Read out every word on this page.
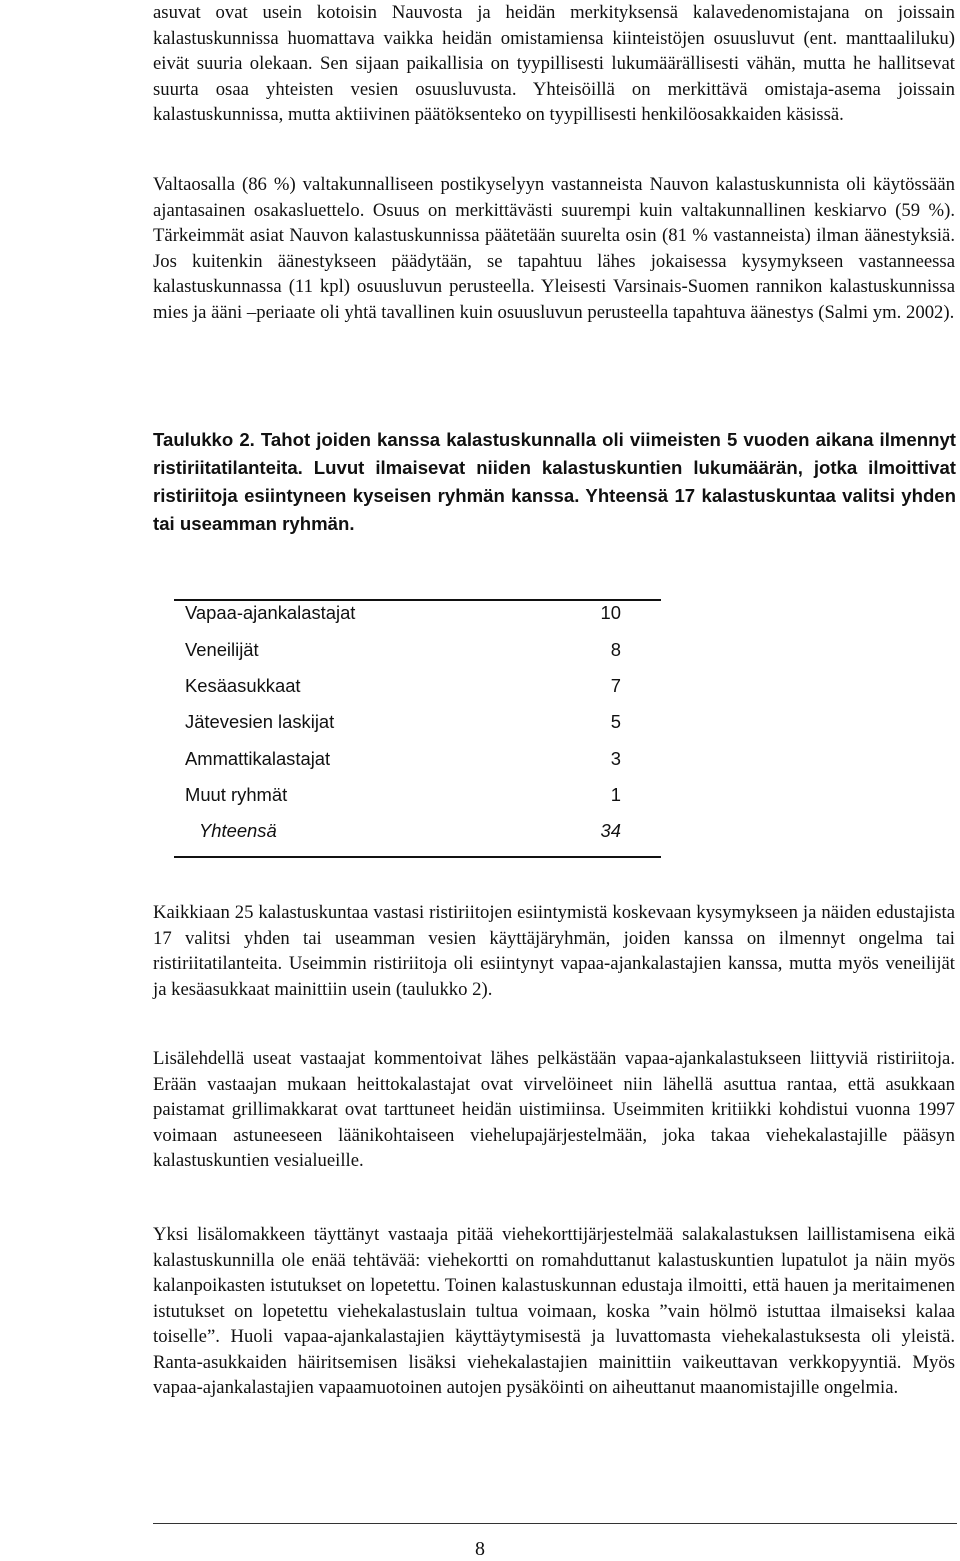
asuvat ovat usein kotoisin Nauvosta ja heidän merkityksensä kalavedenomistajana on joissain kalastuskunnissa huomattava vaikka heidän omistamiensa kiinteistöjen osuusluvut (ent. manttaaliluku) eivät suuria olekaan. Sen sijaan paikallisia on tyypillisesti lukumäärällisesti vähän, mutta he hallitsevat suurta osaa yhteisten vesien osuusluvusta. Yhteisöillä on merkittävä omistaja-asema joissain kalastuskunnissa, mutta aktiivinen päätöksenteko on tyypillisesti henkilöosakkaiden käsissä.

Valtaosalla (86 %) valtakunnalliseen postikyselyyn vastanneista Nauvon kalastuskunnista oli käytössään ajantasainen osakasluettelo. Osuus on merkittävästi suurempi kuin valtakunnallinen keskiarvo (59 %). Tärkeimmät asiat Nauvon kalastuskunnissa päätetään suurelta osin (81 % vastanneista) ilman äänestyksiä. Jos kuitenkin äänestykseen päädytään, se tapahtuu lähes jokaisessa kysymykseen vastanneessa kalastuskunnassa (11 kpl) osuusluvun perusteella. Yleisesti Varsinais-Suomen rannikon kalastuskunnissa mies ja ääni –periaate oli yhtä tavallinen kuin osuusluvun perusteella tapahtuva äänestys (Salmi ym. 2002).

Taulukko 2. Tahot joiden kanssa kalastuskunnalla oli viimeisten 5 vuoden aikana ilmennyt ristiriitatilanteita. Luvut ilmaisevat niiden kalastuskuntien lukumäärän, jotka ilmoittivat ristiriitoja esiintyneen kyseisen ryhmän kanssa. Yhteensä 17 kalastuskuntaa valitsi yhden tai useamman ryhmän.

Vapaa-ajankalastajat	10
Veneilijät	8
Kesäasukkaat	7
Jätevesien laskijat	5
Ammattikalastajat	3
Muut ryhmät	1
Yhteensä	34

Kaikkiaan 25 kalastuskuntaa vastasi ristiriitojen esiintymistä koskevaan kysymykseen ja näiden edustajista 17 valitsi yhden tai useamman vesien käyttäjäryhmän, joiden kanssa on ilmennyt ongelma tai ristiriitatilanteita. Useimmin ristiriitoja oli esiintynyt vapaa-ajankalastajien kanssa, mutta myös veneilijät ja kesäasukkaat mainittiin usein (taulukko 2).

Lisälehdellä useat vastaajat kommentoivat lähes pelkästään vapaa-ajankalastukseen liittyviä ristiriitoja. Erään vastaajan mukaan heittokalastajat ovat virvelöineet niin lähellä asuttua rantaa, että asukkaan paistamat grillimakkarat ovat tarttuneet heidän uistimiinsa. Useimmiten kritiikki kohdistui vuonna 1997 voimaan astuneeseen läänikohtaiseen viehelupajärjestelmään, joka takaa viehekalastajille pääsyn kalastuskuntien vesialueille.

Yksi lisälomakkeen täyttänyt vastaaja pitää viehekorttijärjestelmää salakalastuksen laillistamisena eikä kalastuskunnilla ole enää tehtävää: viehekortti on romahduttanut kalastuskuntien lupatulot ja näin myös kalanpoikasten istutukset on lopetettu. Toinen kalastuskunnan edustaja ilmoitti, että hauen ja meritaimenen istutukset on lopetettu viehekalastuslain tultua voimaan, koska ”vain hölmö istuttaa ilmaiseksi kalaa toiselle”. Huoli vapaa-ajankalastajien käyttäytymisestä ja luvattomasta viehekalastuksesta oli yleistä. Ranta-asukkaiden häiritsemisen lisäksi viehekalastajien mainittiin vaikeuttavan verkkopyyntiä. Myös vapaa-ajankalastajien vapaamuotoinen autojen pysäköinti on aiheuttanut maanomistajille ongelmia.

8
